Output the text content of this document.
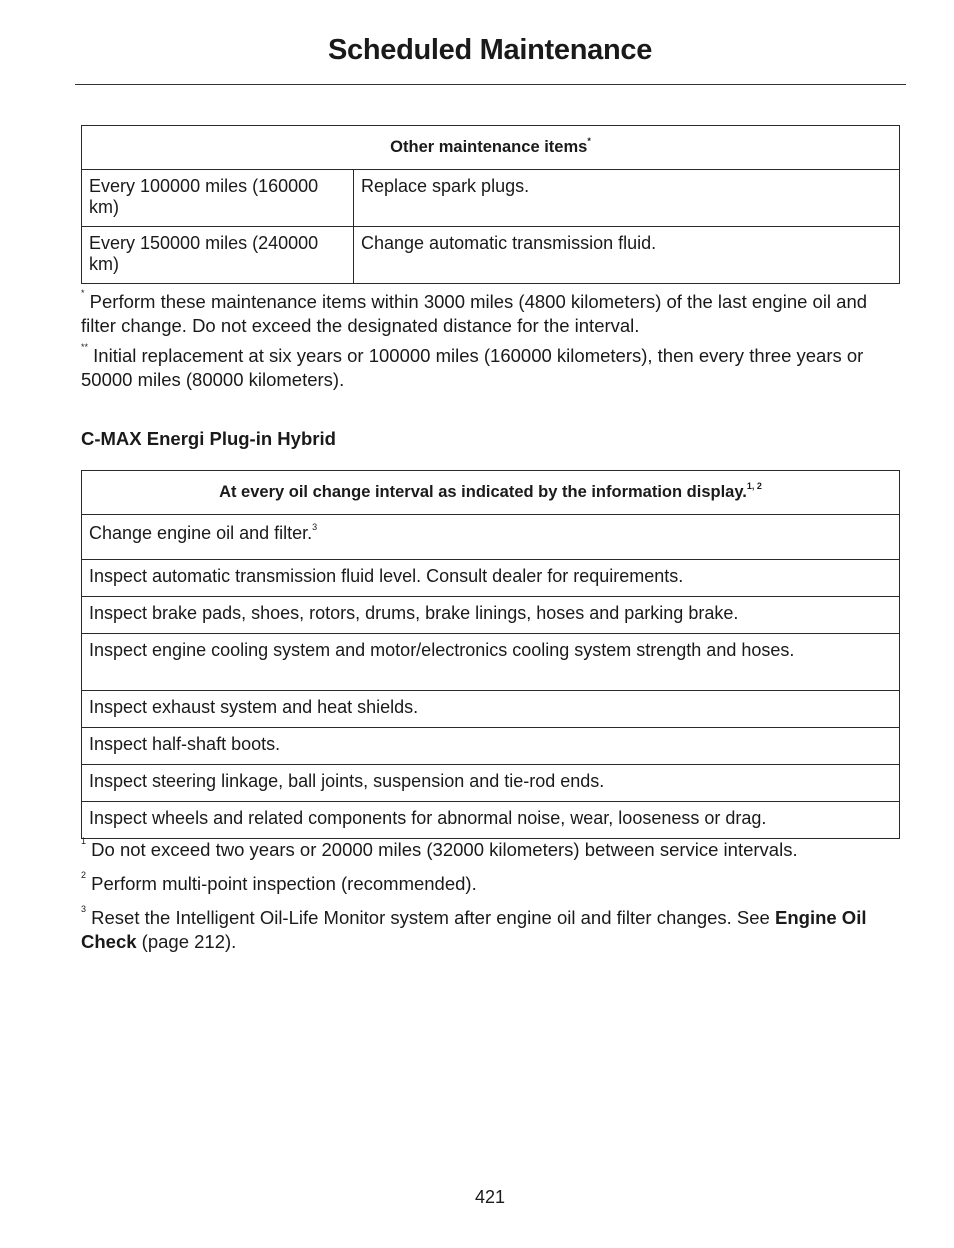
Scheduled Maintenance
Other maintenance items*
Every 100000 miles (160000 km)	Replace spark plugs.
Every 150000 miles (240000 km)	Change automatic transmission fluid.
* Perform these maintenance items within 3000 miles (4800 kilometers) of the last engine oil and filter change. Do not exceed the designated distance for the interval.
** Initial replacement at six years or 100000 miles (160000 kilometers), then every three years or 50000 miles (80000 kilometers).
C-MAX Energi Plug-in Hybrid
At every oil change interval as indicated by the information display.$^{1, 2}$
Change engine oil and filter.$^3$
Inspect automatic transmission fluid level. Consult dealer for requirements.
Inspect brake pads, shoes, rotors, drums, brake linings, hoses and parking brake.
Inspect engine cooling system and motor/electronics cooling system strength and hoses.
Inspect exhaust system and heat shields.
Inspect half-shaft boots.
Inspect steering linkage, ball joints, suspension and tie-rod ends.
Inspect wheels and related components for abnormal noise, wear, looseness or drag.
$^1$ Do not exceed two years or 20000 miles (32000 kilometers) between service intervals.
$^2$ Perform multi-point inspection (recommended).
$^3$ Reset the Intelligent Oil-Life Monitor system after engine oil and filter changes. See Engine Oil Check (page 212).
421
